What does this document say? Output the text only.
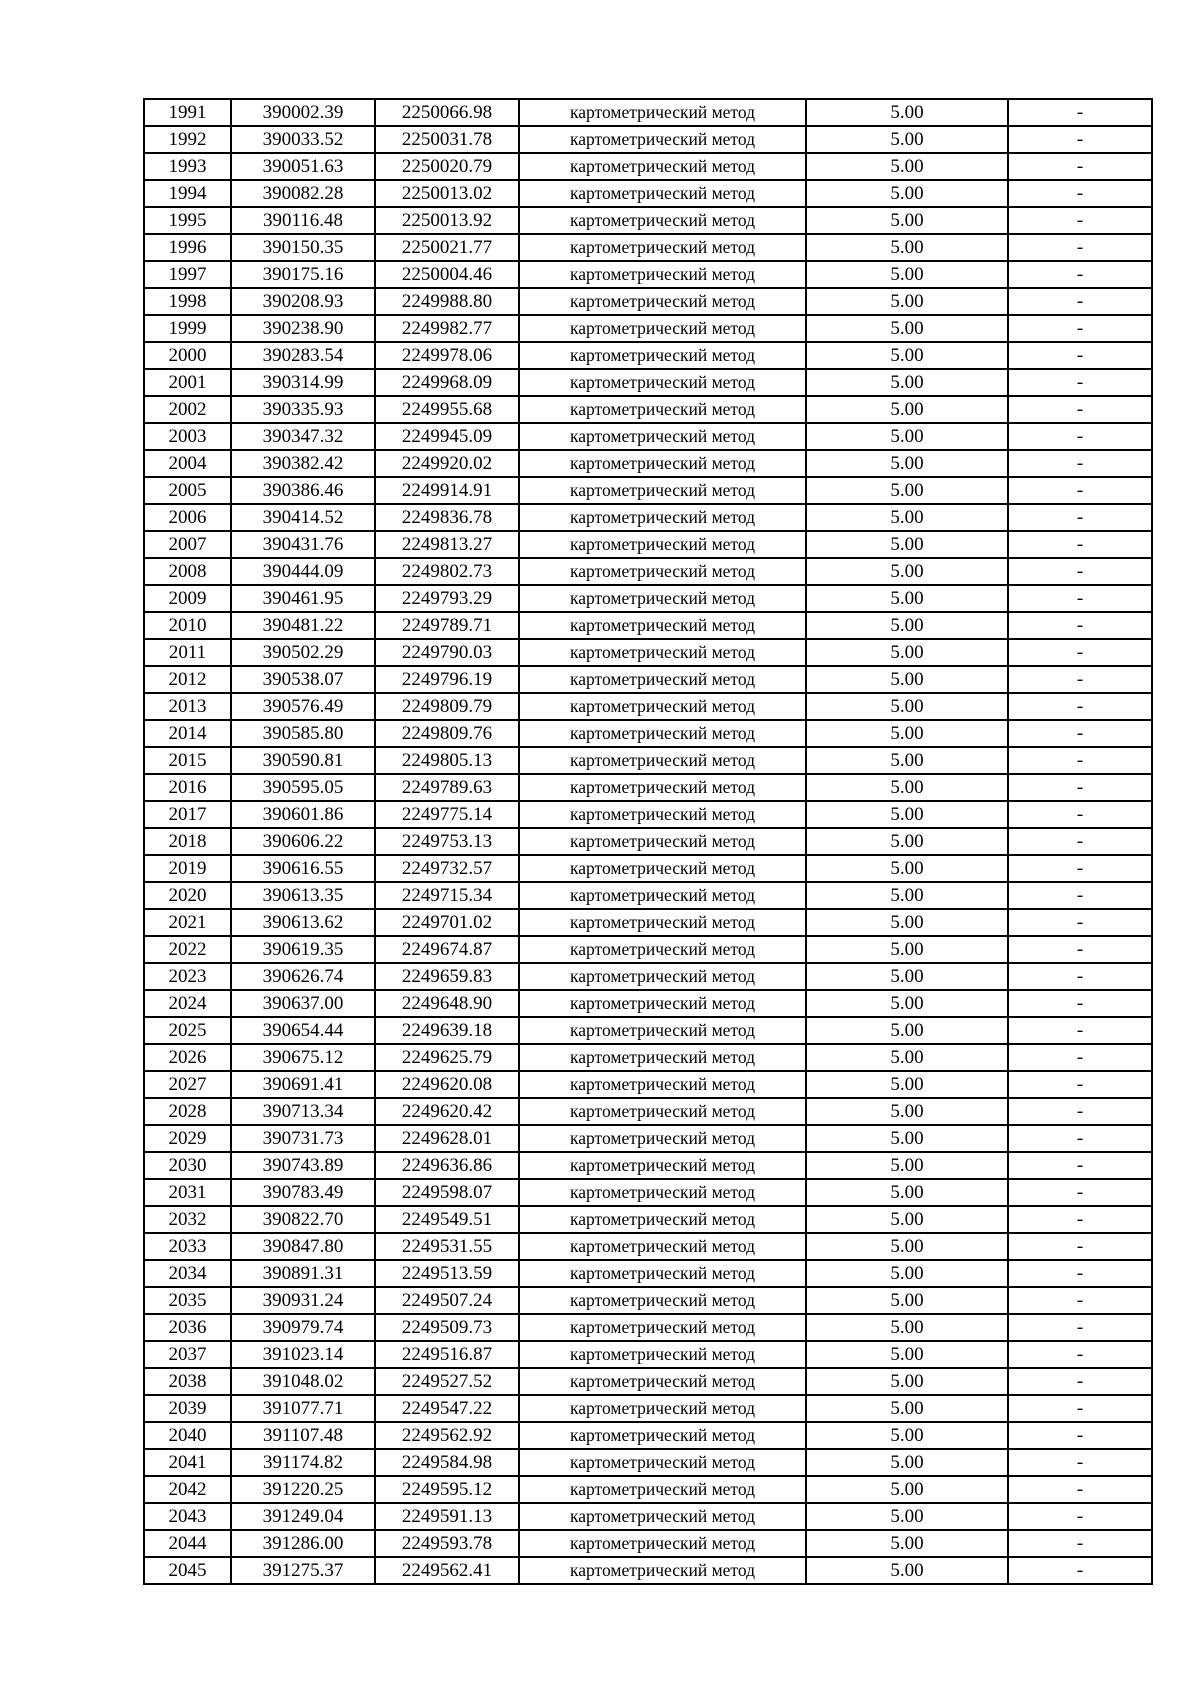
1991	390002.39	2250066.98	картометрический метод	5.00	-
1992	390033.52	2250031.78	картометрический метод	5.00	-
1993	390051.63	2250020.79	картометрический метод	5.00	-
1994	390082.28	2250013.02	картометрический метод	5.00	-
1995	390116.48	2250013.92	картометрический метод	5.00	-
1996	390150.35	2250021.77	картометрический метод	5.00	-
1997	390175.16	2250004.46	картометрический метод	5.00	-
1998	390208.93	2249988.80	картометрический метод	5.00	-
1999	390238.90	2249982.77	картометрический метод	5.00	-
2000	390283.54	2249978.06	картометрический метод	5.00	-
2001	390314.99	2249968.09	картометрический метод	5.00	-
2002	390335.93	2249955.68	картометрический метод	5.00	-
2003	390347.32	2249945.09	картометрический метод	5.00	-
2004	390382.42	2249920.02	картометрический метод	5.00	-
2005	390386.46	2249914.91	картометрический метод	5.00	-
2006	390414.52	2249836.78	картометрический метод	5.00	-
2007	390431.76	2249813.27	картометрический метод	5.00	-
2008	390444.09	2249802.73	картометрический метод	5.00	-
2009	390461.95	2249793.29	картометрический метод	5.00	-
2010	390481.22	2249789.71	картометрический метод	5.00	-
2011	390502.29	2249790.03	картометрический метод	5.00	-
2012	390538.07	2249796.19	картометрический метод	5.00	-
2013	390576.49	2249809.79	картометрический метод	5.00	-
2014	390585.80	2249809.76	картометрический метод	5.00	-
2015	390590.81	2249805.13	картометрический метод	5.00	-
2016	390595.05	2249789.63	картометрический метод	5.00	-
2017	390601.86	2249775.14	картометрический метод	5.00	-
2018	390606.22	2249753.13	картометрический метод	5.00	-
2019	390616.55	2249732.57	картометрический метод	5.00	-
2020	390613.35	2249715.34	картометрический метод	5.00	-
2021	390613.62	2249701.02	картометрический метод	5.00	-
2022	390619.35	2249674.87	картометрический метод	5.00	-
2023	390626.74	2249659.83	картометрический метод	5.00	-
2024	390637.00	2249648.90	картометрический метод	5.00	-
2025	390654.44	2249639.18	картометрический метод	5.00	-
2026	390675.12	2249625.79	картометрический метод	5.00	-
2027	390691.41	2249620.08	картометрический метод	5.00	-
2028	390713.34	2249620.42	картометрический метод	5.00	-
2029	390731.73	2249628.01	картометрический метод	5.00	-
2030	390743.89	2249636.86	картометрический метод	5.00	-
2031	390783.49	2249598.07	картометрический метод	5.00	-
2032	390822.70	2249549.51	картометрический метод	5.00	-
2033	390847.80	2249531.55	картометрический метод	5.00	-
2034	390891.31	2249513.59	картометрический метод	5.00	-
2035	390931.24	2249507.24	картометрический метод	5.00	-
2036	390979.74	2249509.73	картометрический метод	5.00	-
2037	391023.14	2249516.87	картометрический метод	5.00	-
2038	391048.02	2249527.52	картометрический метод	5.00	-
2039	391077.71	2249547.22	картометрический метод	5.00	-
2040	391107.48	2249562.92	картометрический метод	5.00	-
2041	391174.82	2249584.98	картометрический метод	5.00	-
2042	391220.25	2249595.12	картометрический метод	5.00	-
2043	391249.04	2249591.13	картометрический метод	5.00	-
2044	391286.00	2249593.78	картометрический метод	5.00	-
2045	391275.37	2249562.41	картометрический метод	5.00	-
